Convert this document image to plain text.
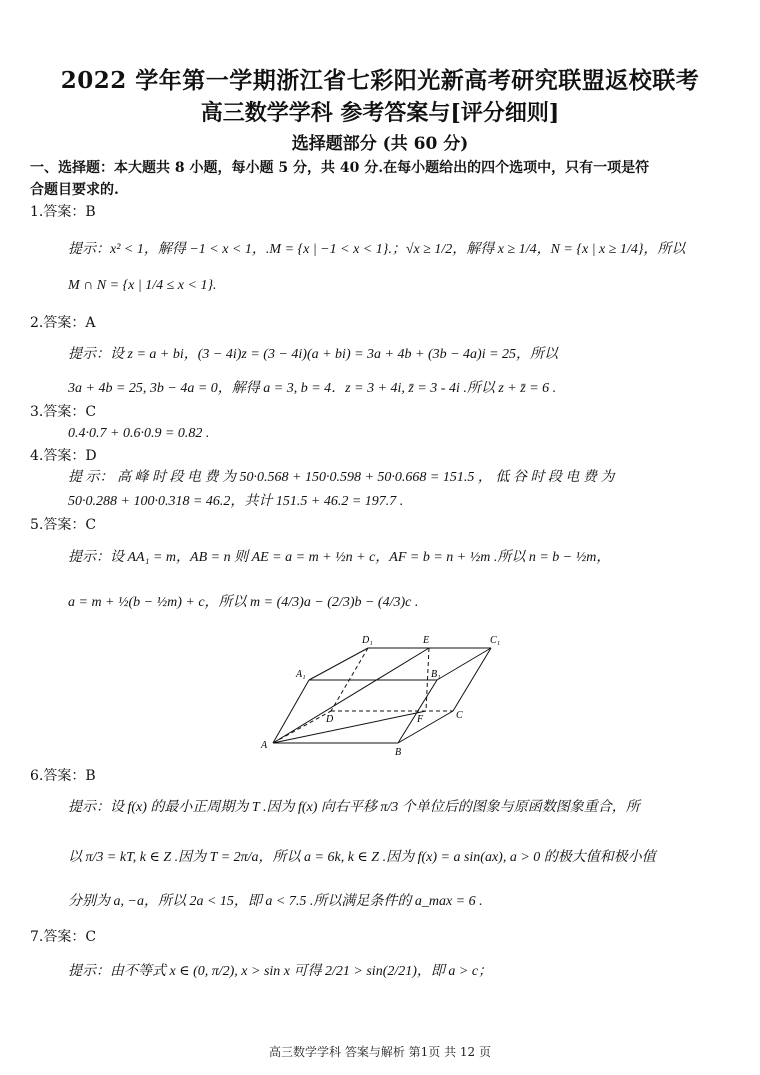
2022 学年第一学期浙江省七彩阳光新高考研究联盟返校联考
高三数学学科 参考答案与[评分细则]
选择题部分 (共 60 分)
一、选择题：本大题共 8 小题，每小题 5 分，共 40 分.在每小题给出的四个选项中，只有一项是符
合题目要求的.
1.答案：B
提示：x² < 1，解得 −1 < x < 1，.M = {x | −1 < x < 1}.；√x ≥ 1/2，解得 x ≥ 1/4，N = {x | x ≥ 1/4}，所以
M ∩ N = {x | 1/4 ≤ x < 1}.
2.答案：A
提示：设 z = a + bi，(3 − 4i)z = (3 − 4i)(a + bi) = 3a + 4b + (3b − 4a)i = 25，所以
3a + 4b = 25, 3b − 4a = 0，解得 a = 3, b = 4．z = 3 + 4i, z̄ = 3 - 4i .所以 z + z̄ = 6 .
3.答案：C
0.4·0.7 + 0.6·0.9 = 0.82 .
4.答案：D
提 示： 高 峰 时 段 电 费 为 50·0.568 + 150·0.598 + 50·0.668 = 151.5 ， 低 谷 时 段 电 费 为
50·0.288 + 100·0.318 = 46.2，共计 151.5 + 46.2 = 197.7 .
5.答案：C
提示：设 AA₁ = m，AB = n 则 AE = a = m + ½n + c，AF = b = n + ½m .所以 n = b − ½m，
a = m + ½(b − ½m) + c，所以 m = (4/3)a − (2/3)b − (4/3)c .
D₁	E	C₁
A₁	B₁
D	F	C
A
B
6.答案：B
提示：设 f(x) 的最小正周期为 T .因为 f(x) 向右平移 π/3 个单位后的图象与原函数图象重合，所
以 π/3 = kT, k ∈ Z .因为 T = 2π/a，所以 a = 6k, k ∈ Z .因为 f(x) = a sin(ax), a > 0 的极大值和极小值
分别为 a, −a，所以 2a < 15，即 a < 7.5 .所以满足条件的 a_max = 6 .
7.答案：C
提示：由不等式 x ∈ (0, π/2), x > sin x 可得 2/21 > sin(2/21)，即 a > c；
高三数学学科 答案与解析 第1页 共 12 页
